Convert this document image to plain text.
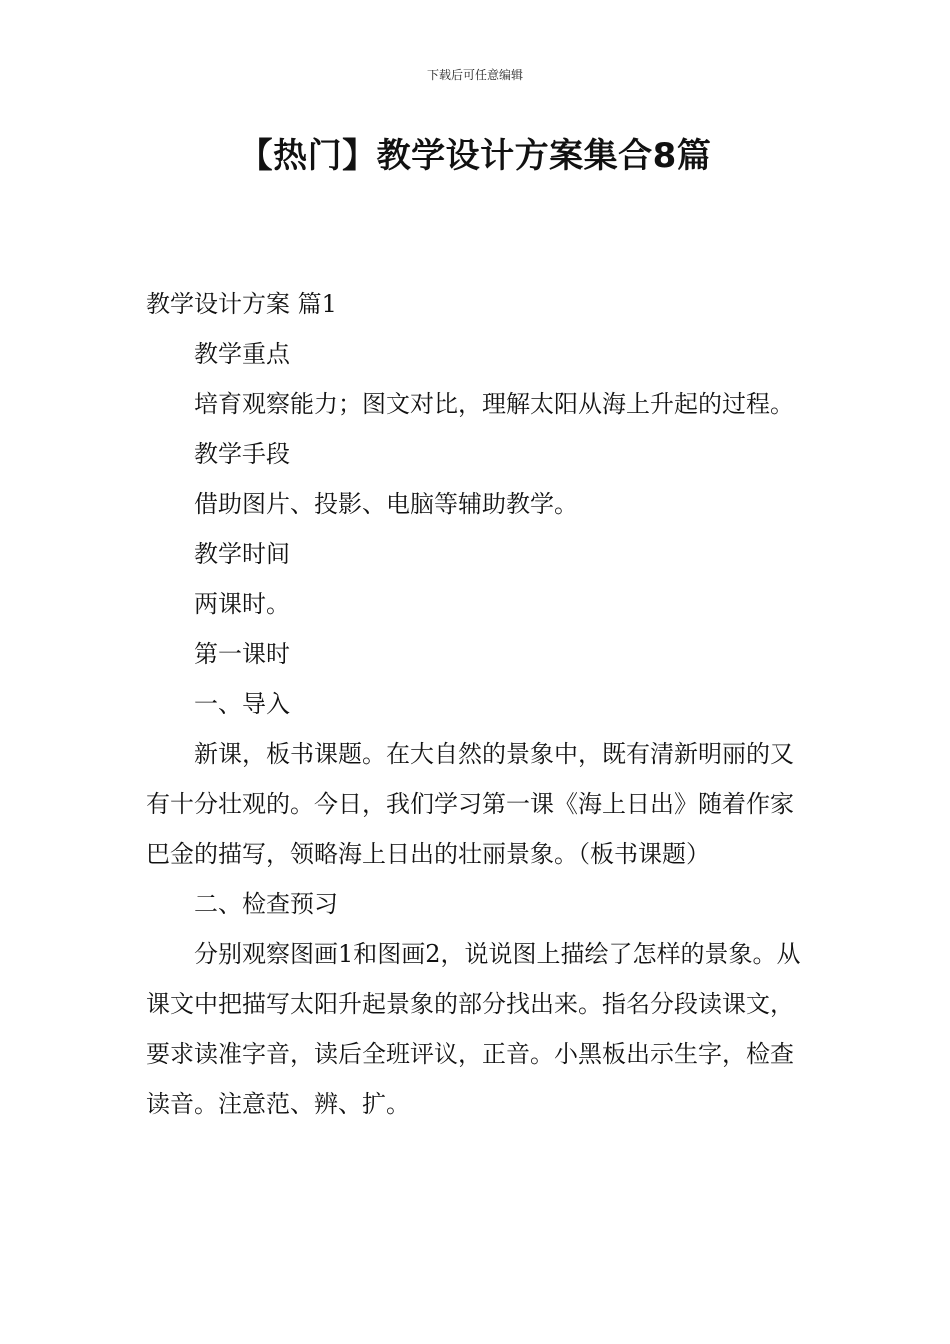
下载后可任意编辑
【热门】教学设计方案集合8篇
教学设计方案 篇1

教学重点

培育观察能力；图文对比，理解太阳从海上升起的过程。

教学手段

借助图片、投影、电脑等辅助教学。

教学时间

两课时。

第一课时

一、导入

新课，板书课题。在大自然的景象中，既有清新明丽的又有十分壮观的。今日，我们学习第一课《海上日出》随着作家巴金的描写，领略海上日出的壮丽景象。（板书课题）

二、检查预习

分别观察图画1和图画2，说说图上描绘了怎样的景象。从课文中把描写太阳升起景象的部分找出来。指名分段读课文，要求读准字音，读后全班评议，正音。小黑板出示生字，检查读音。注意范、辨、扩。
